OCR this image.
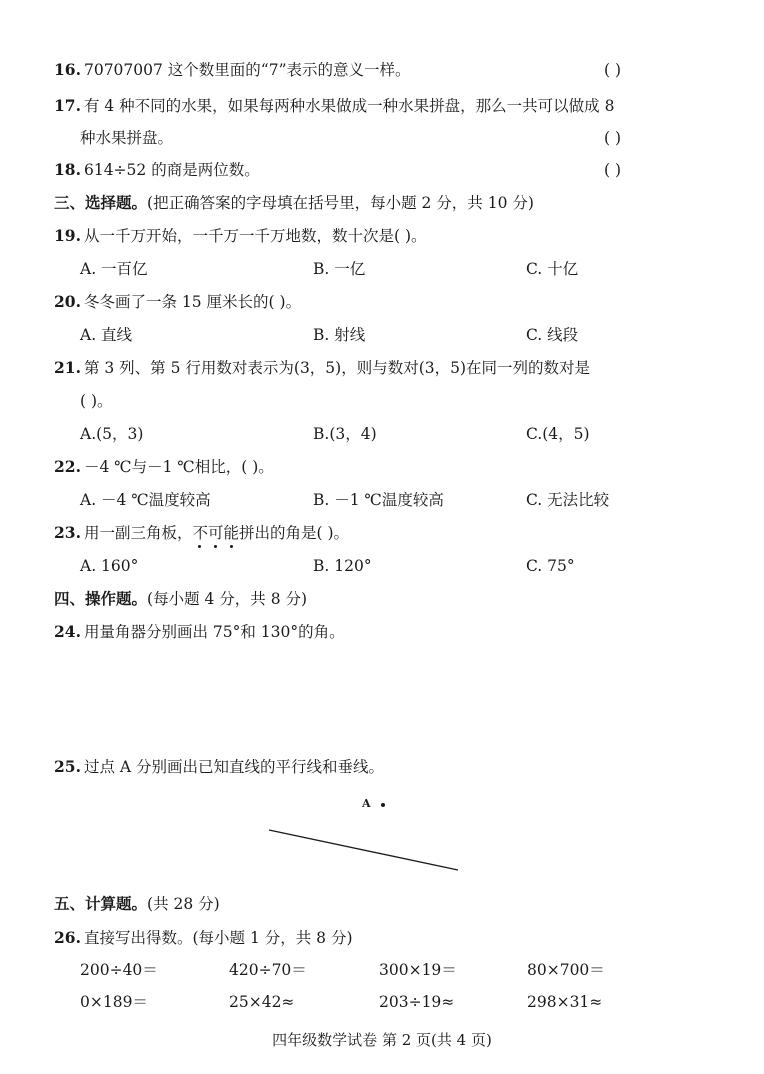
16. 70707007 这个数里面的“7”表示的意义一样。	( )
17. 有 4 种不同的水果，如果每两种水果做成一种水果拼盘，那么一共可以做成 8
种水果拼盘。	( )
18. 614÷52 的商是两位数。	( )
三、选择题。(把正确答案的字母填在括号里，每小题 2 分，共 10 分)
19. 从一千万开始，一千万一千万地数，数十次是( )。
A. 一百亿	B. 一亿	C. 十亿
20. 冬冬画了一条 15 厘米长的( )。
A. 直线	B. 射线	C. 线段
21. 第 3 列、第 5 行用数对表示为(3，5)，则与数对(3，5)在同一列的数对是
( )。
A.(5，3)	B.(3，4)	C.(4，5)
22. －4 ℃与－1 ℃相比，( )。
A. －4 ℃温度较高	B. －1 ℃温度较高	C. 无法比较
23. 用一副三角板，不可能
拼出的角是( )。
A. 160°	B. 120°	C. 75°
四、操作题。(每小题 4 分，共 8 分)
24. 用量角器分别画出 75°和 130°的角。
25. 过点 A 分别画出已知直线的平行线和垂线。
A
五、计算题。(共 28 分)
26. 直接写出得数。(每小题 1 分，共 8 分)
200÷40＝	420÷70＝	300×19＝	80×700＝
0×189＝	25×42≈	203÷19≈	298×31≈
四年级数学试卷 第 2 页(共 4 页)
